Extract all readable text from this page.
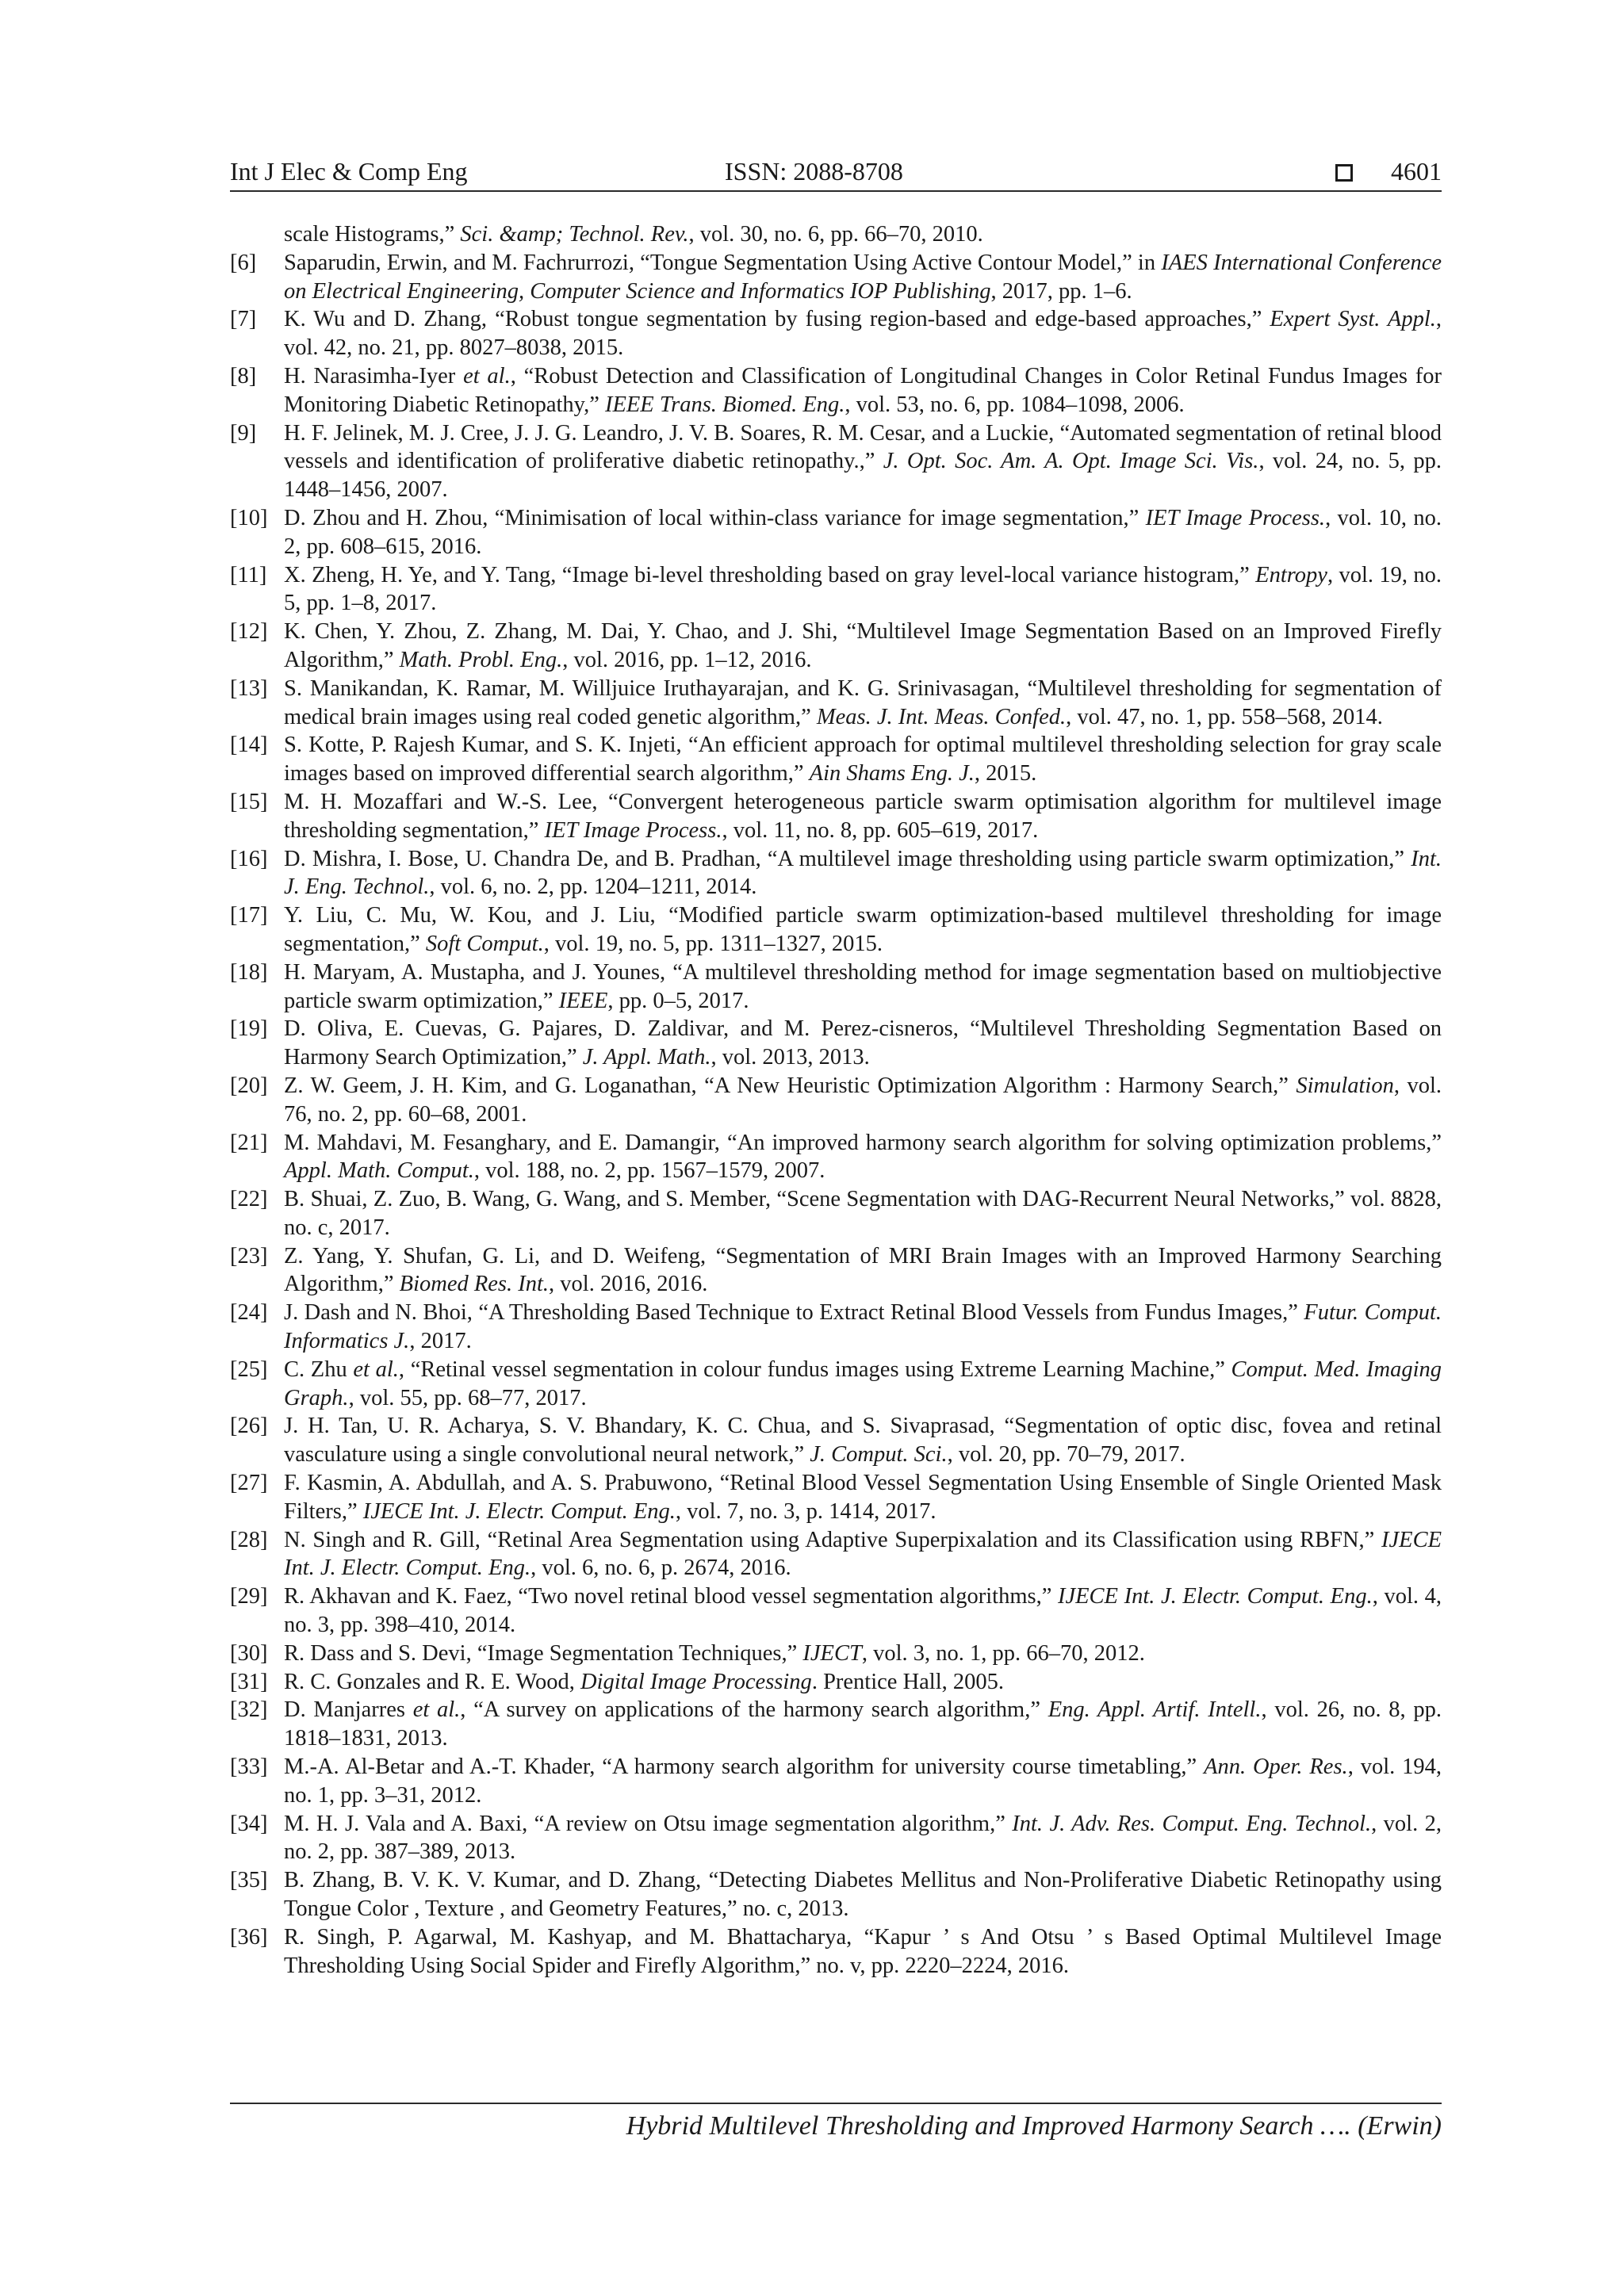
Int J Elec & Comp Eng	ISSN: 2088-8708	4601
scale Histograms,” Sci. &amp; Technol. Rev., vol. 30, no. 6, pp. 66–70, 2010.
[6] Saparudin, Erwin, and M. Fachrurrozi, “Tongue Segmentation Using Active Contour Model,” in IAES International Conference on Electrical Engineering, Computer Science and Informatics IOP Publishing, 2017, pp. 1–6.
[7] K. Wu and D. Zhang, “Robust tongue segmentation by fusing region-based and edge-based approaches,” Expert Syst. Appl., vol. 42, no. 21, pp. 8027–8038, 2015.
[8] H. Narasimha-Iyer et al., “Robust Detection and Classification of Longitudinal Changes in Color Retinal Fundus Images for Monitoring Diabetic Retinopathy,” IEEE Trans. Biomed. Eng., vol. 53, no. 6, pp. 1084–1098, 2006.
[9] H. F. Jelinek, M. J. Cree, J. J. G. Leandro, J. V. B. Soares, R. M. Cesar, and a Luckie, “Automated segmentation of retinal blood vessels and identification of proliferative diabetic retinopathy.,” J. Opt. Soc. Am. A. Opt. Image Sci. Vis., vol. 24, no. 5, pp. 1448–1456, 2007.
[10] D. Zhou and H. Zhou, “Minimisation of local within-class variance for image segmentation,” IET Image Process., vol. 10, no. 2, pp. 608–615, 2016.
[11] X. Zheng, H. Ye, and Y. Tang, “Image bi-level thresholding based on gray level-local variance histogram,” Entropy, vol. 19, no. 5, pp. 1–8, 2017.
[12] K. Chen, Y. Zhou, Z. Zhang, M. Dai, Y. Chao, and J. Shi, “Multilevel Image Segmentation Based on an Improved Firefly Algorithm,” Math. Probl. Eng., vol. 2016, pp. 1–12, 2016.
[13] S. Manikandan, K. Ramar, M. Willjuice Iruthayarajan, and K. G. Srinivasagan, “Multilevel thresholding for segmentation of medical brain images using real coded genetic algorithm,” Meas. J. Int. Meas. Confed., vol. 47, no. 1, pp. 558–568, 2014.
[14] S. Kotte, P. Rajesh Kumar, and S. K. Injeti, “An efficient approach for optimal multilevel thresholding selection for gray scale images based on improved differential search algorithm,” Ain Shams Eng. J., 2015.
[15] M. H. Mozaffari and W.-S. Lee, “Convergent heterogeneous particle swarm optimisation algorithm for multilevel image thresholding segmentation,” IET Image Process., vol. 11, no. 8, pp. 605–619, 2017.
[16] D. Mishra, I. Bose, U. Chandra De, and B. Pradhan, “A multilevel image thresholding using particle swarm optimization,” Int. J. Eng. Technol., vol. 6, no. 2, pp. 1204–1211, 2014.
[17] Y. Liu, C. Mu, W. Kou, and J. Liu, “Modified particle swarm optimization-based multilevel thresholding for image segmentation,” Soft Comput., vol. 19, no. 5, pp. 1311–1327, 2015.
[18] H. Maryam, A. Mustapha, and J. Younes, “A multilevel thresholding method for image segmentation based on multiobjective particle swarm optimization,” IEEE, pp. 0–5, 2017.
[19] D. Oliva, E. Cuevas, G. Pajares, D. Zaldivar, and M. Perez-cisneros, “Multilevel Thresholding Segmentation Based on Harmony Search Optimization,” J. Appl. Math., vol. 2013, 2013.
[20] Z. W. Geem, J. H. Kim, and G. Loganathan, “A New Heuristic Optimization Algorithm : Harmony Search,” Simulation, vol. 76, no. 2, pp. 60–68, 2001.
[21] M. Mahdavi, M. Fesanghary, and E. Damangir, “An improved harmony search algorithm for solving optimization problems,” Appl. Math. Comput., vol. 188, no. 2, pp. 1567–1579, 2007.
[22] B. Shuai, Z. Zuo, B. Wang, G. Wang, and S. Member, “Scene Segmentation with DAG-Recurrent Neural Networks,” vol. 8828, no. c, 2017.
[23] Z. Yang, Y. Shufan, G. Li, and D. Weifeng, “Segmentation of MRI Brain Images with an Improved Harmony Searching Algorithm,” Biomed Res. Int., vol. 2016, 2016.
[24] J. Dash and N. Bhoi, “A Thresholding Based Technique to Extract Retinal Blood Vessels from Fundus Images,” Futur. Comput. Informatics J., 2017.
[25] C. Zhu et al., “Retinal vessel segmentation in colour fundus images using Extreme Learning Machine,” Comput. Med. Imaging Graph., vol. 55, pp. 68–77, 2017.
[26] J. H. Tan, U. R. Acharya, S. V. Bhandary, K. C. Chua, and S. Sivaprasad, “Segmentation of optic disc, fovea and retinal vasculature using a single convolutional neural network,” J. Comput. Sci., vol. 20, pp. 70–79, 2017.
[27] F. Kasmin, A. Abdullah, and A. S. Prabuwono, “Retinal Blood Vessel Segmentation Using Ensemble of Single Oriented Mask Filters,” IJECE Int. J. Electr. Comput. Eng., vol. 7, no. 3, p. 1414, 2017.
[28] N. Singh and R. Gill, “Retinal Area Segmentation using Adaptive Superpixalation and its Classification using RBFN,” IJECE Int. J. Electr. Comput. Eng., vol. 6, no. 6, p. 2674, 2016.
[29] R. Akhavan and K. Faez, “Two novel retinal blood vessel segmentation algorithms,” IJECE Int. J. Electr. Comput. Eng., vol. 4, no. 3, pp. 398–410, 2014.
[30] R. Dass and S. Devi, “Image Segmentation Techniques,” IJECT, vol. 3, no. 1, pp. 66–70, 2012.
[31] R. C. Gonzales and R. E. Wood, Digital Image Processing. Prentice Hall, 2005.
[32] D. Manjarres et al., “A survey on applications of the harmony search algorithm,” Eng. Appl. Artif. Intell., vol. 26, no. 8, pp. 1818–1831, 2013.
[33] M.-A. Al-Betar and A.-T. Khader, “A harmony search algorithm for university course timetabling,” Ann. Oper. Res., vol. 194, no. 1, pp. 3–31, 2012.
[34] M. H. J. Vala and A. Baxi, “A review on Otsu image segmentation algorithm,” Int. J. Adv. Res. Comput. Eng. Technol., vol. 2, no. 2, pp. 387–389, 2013.
[35] B. Zhang, B. V. K. V. Kumar, and D. Zhang, “Detecting Diabetes Mellitus and Non-Proliferative Diabetic Retinopathy using Tongue Color , Texture , and Geometry Features,” no. c, 2013.
[36] R. Singh, P. Agarwal, M. Kashyap, and M. Bhattacharya, “Kapur ’ s And Otsu ’ s Based Optimal Multilevel Image Thresholding Using Social Spider and Firefly Algorithm,” no. v, pp. 2220–2224, 2016.
Hybrid Multilevel Thresholding and Improved Harmony Search …. (Erwin)
